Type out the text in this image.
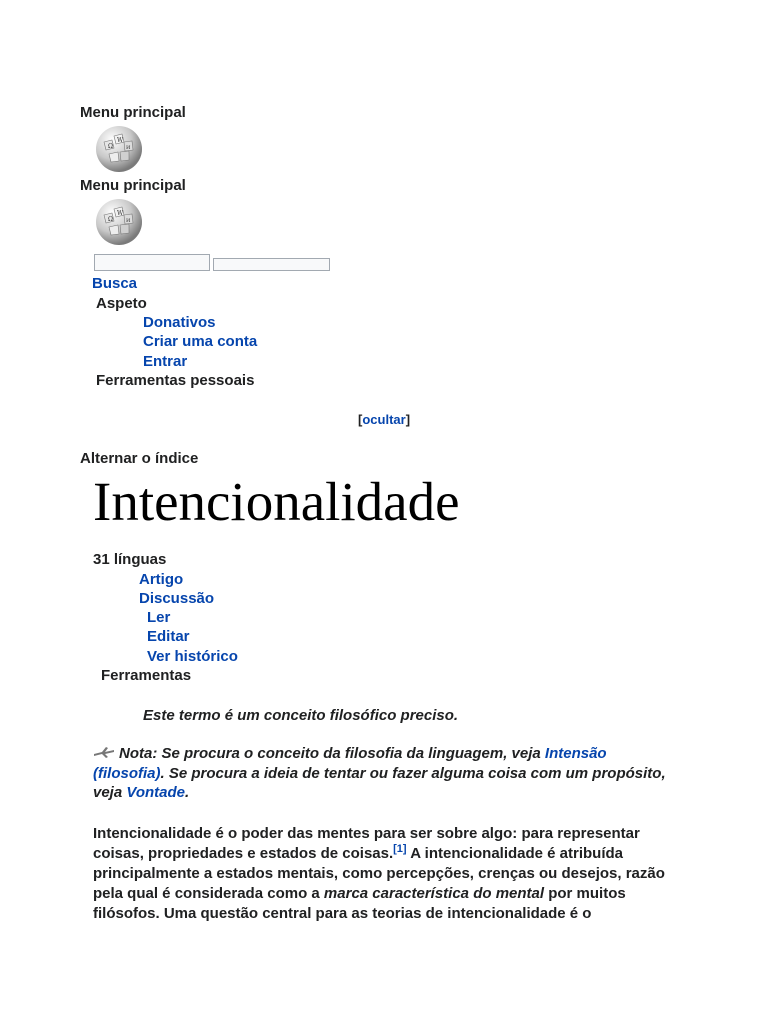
Menu principal
Ω
W
И
Menu principal
Ω
W
И
Busca
Aspeto
Donativos
Criar uma conta
Entrar
Ferramentas pessoais
[ocultar]
Alternar o índice
Intencionalidade
31 línguas
Artigo
Discussão
Ler
Editar
Ver histórico
Ferramentas
Este termo é um conceito filosófico preciso.
Nota: Se procura o conceito da filosofia da linguagem, veja Intensão (filosofia). Se procura a ideia de tentar ou fazer alguma coisa com um propósito, veja Vontade.
Intencionalidade é o poder das mentes para ser sobre algo: para representar coisas, propriedades e estados de coisas.[1] A intencionalidade é atribuída principalmente a estados mentais, como percepções, crenças ou desejos, razão pela qual é considerada como a marca característica do mental por muitos filósofos. Uma questão central para as teorias de intencionalidade é o
